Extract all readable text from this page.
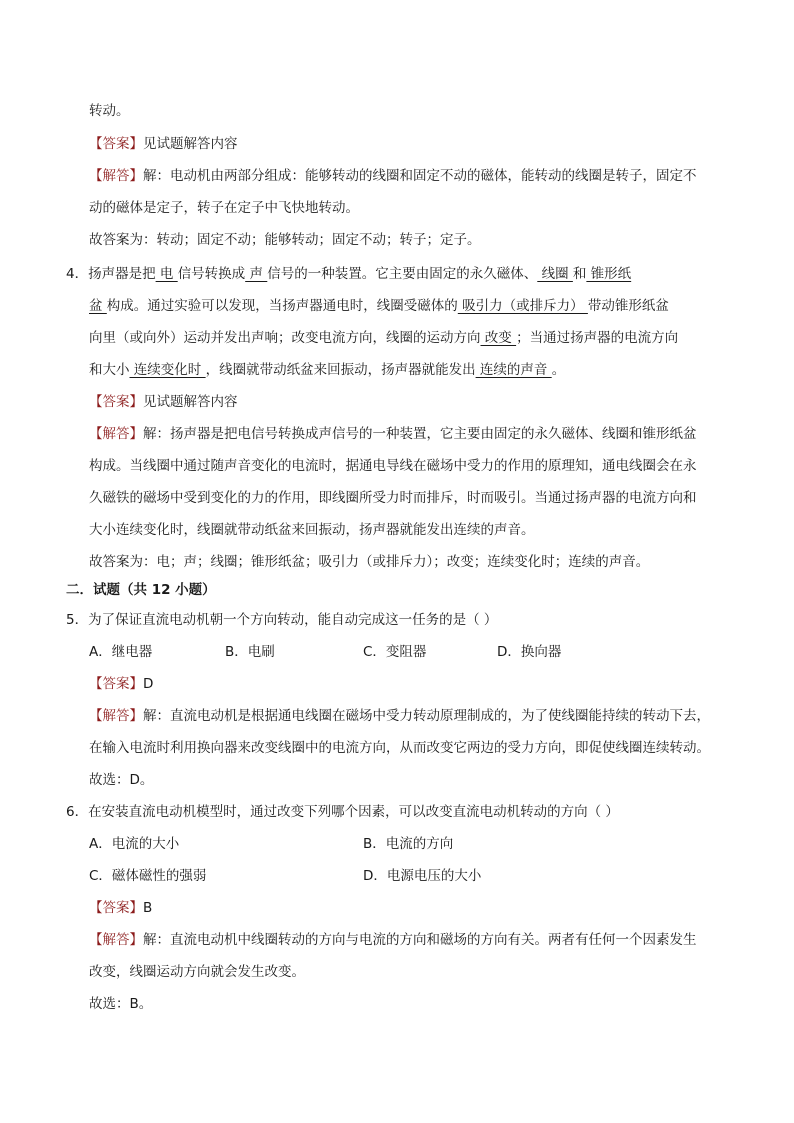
转动。
【答案】见试题解答内容
【解答】解：电动机由两部分组成：能够转动的线圈和固定不动的磁体，能转动的线圈是转子，固定不
动的磁体是定子，转子在定子中飞快地转动。
故答案为：转动；固定不动；能够转动；固定不动；转子；定子。
4．扬声器是把 电 信号转换成 声 信号的一种装置。它主要由固定的永久磁体、 线圈 和 锥形纸
盆 构成。通过实验可以发现，当扬声器通电时，线圈受磁体的 吸引力（或排斥力） 带动锥形纸盆
向里（或向外）运动并发出声响；改变电流方向，线圈的运动方向 改变 ；当通过扬声器的电流方向
和大小 连续变化时 ，线圈就带动纸盆来回振动，扬声器就能发出 连续的声音 。
【答案】见试题解答内容
【解答】解：扬声器是把电信号转换成声信号的一种装置，它主要由固定的永久磁体、线圈和锥形纸盆
构成。当线圈中通过随声音变化的电流时，据通电导线在磁场中受力的作用的原理知，通电线圈会在永
久磁铁的磁场中受到变化的力的作用，即线圈所受力时而排斥，时而吸引。当通过扬声器的电流方向和
大小连续变化时，线圈就带动纸盆来回振动，扬声器就能发出连续的声音。
故答案为：电；声；线圈；锥形纸盆；吸引力（或排斥力）；改变；连续变化时；连续的声音。
二．试题（共 12 小题）
5．为了保证直流电动机朝一个方向转动，能自动完成这一任务的是（ ）
A．继电器	B．电刷	C．变阻器	D．换向器
【答案】D
【解答】解：直流电动机是根据通电线圈在磁场中受力转动原理制成的，为了使线圈能持续的转动下去，
在输入电流时利用换向器来改变线圈中的电流方向，从而改变它两边的受力方向，即促使线圈连续转动。
故选：D。
6．在安装直流电动机模型时，通过改变下列哪个因素，可以改变直流电动机转动的方向（ ）
A．电流的大小	B．电流的方向
C．磁体磁性的强弱	D．电源电压的大小
【答案】B
【解答】解：直流电动机中线圈转动的方向与电流的方向和磁场的方向有关。两者有任何一个因素发生
改变，线圈运动方向就会发生改变。
故选：B。
